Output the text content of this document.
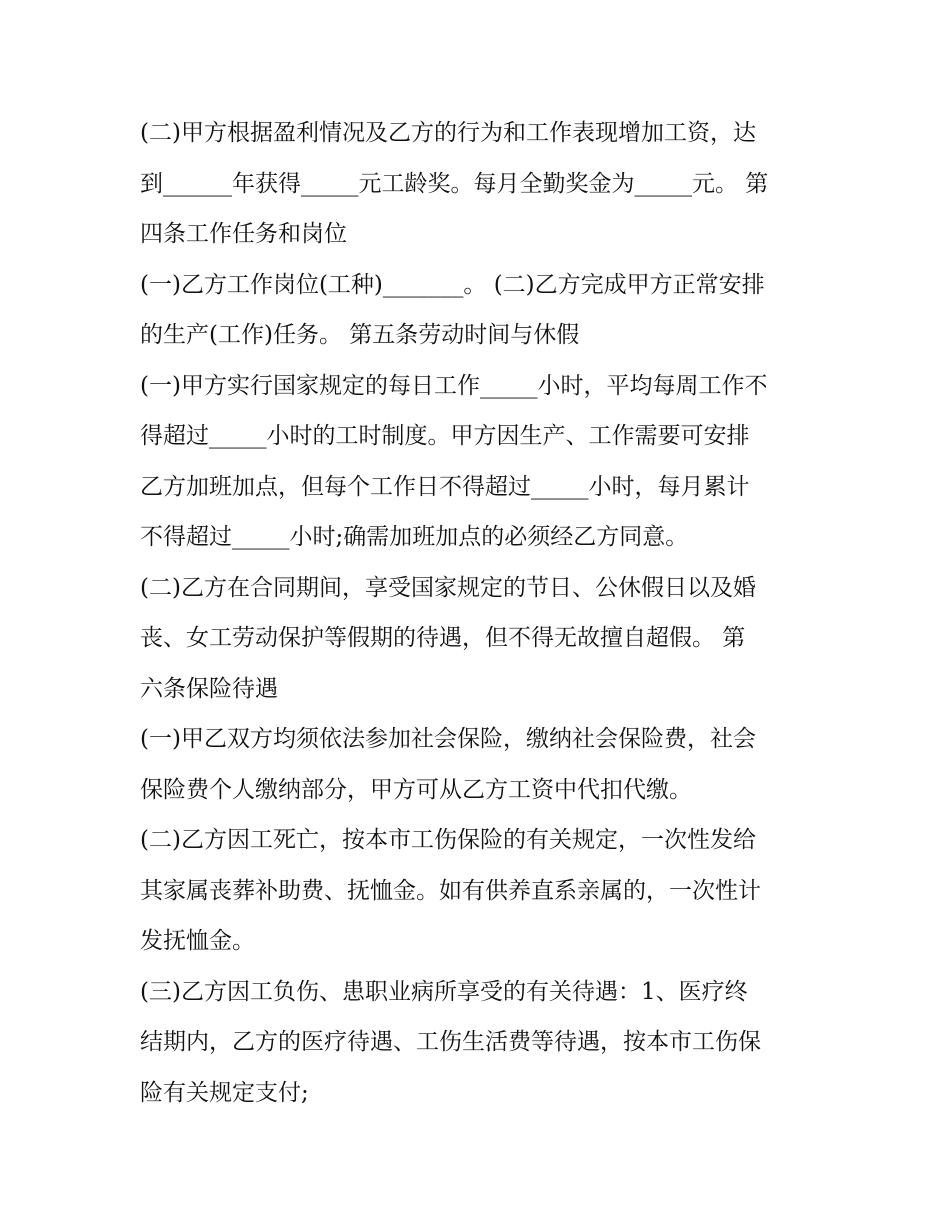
(二)甲方根据盈利情况及乙方的行为和工作表现增加工资，达
到______年获得_____元工龄奖。每月全勤奖金为_____元。 第
四条工作任务和岗位
(一)乙方工作岗位(工种)_______。 (二)乙方完成甲方正常安排
的生产(工作)任务。 第五条劳动时间与休假
(一)甲方实行国家规定的每日工作_____小时，平均每周工作不
得超过_____小时的工时制度。甲方因生产、工作需要可安排
乙方加班加点，但每个工作日不得超过_____小时，每月累计
不得超过_____小时;确需加班加点的必须经乙方同意。
(二)乙方在合同期间，享受国家规定的节日、公休假日以及婚
丧、女工劳动保护等假期的待遇，但不得无故擅自超假。 第
六条保险待遇
(一)甲乙双方均须依法参加社会保险，缴纳社会保险费，社会
保险费个人缴纳部分，甲方可从乙方工资中代扣代缴。
(二)乙方因工死亡，按本市工伤保险的有关规定，一次性发给
其家属丧葬补助费、抚恤金。如有供养直系亲属的，一次性计
发抚恤金。
(三)乙方因工负伤、患职业病所享受的有关待遇：1、医疗终
结期内，乙方的医疗待遇、工伤生活费等待遇，按本市工伤保
险有关规定支付;
